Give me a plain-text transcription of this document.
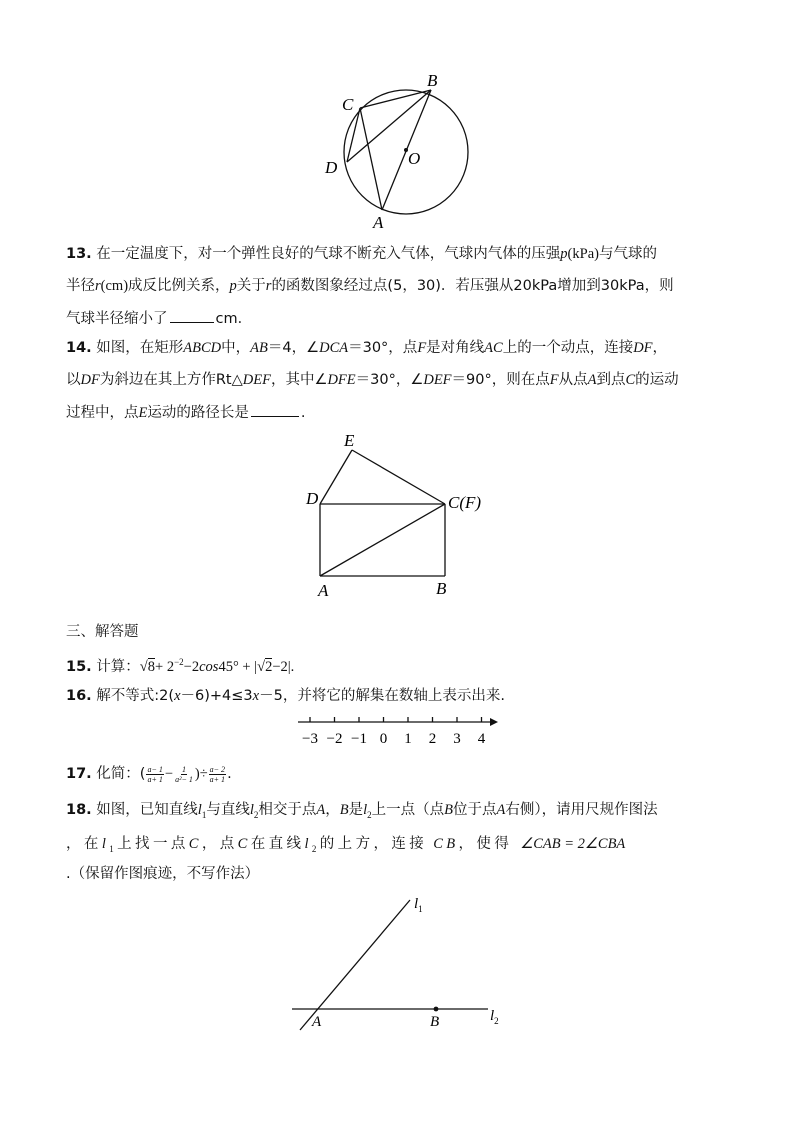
B
C
D	O
A
13. 在一定温度下，对一个弹性良好的气球不断充入气体，气球内气体的压强p(kPa)与气球的
半径r(cm)成反比例关系，p关于r的函数图象经过点(5，30)．若压强从20kPa增加到30kPa，则
气球半径缩小了	cm．
14. 如图，在矩形ABCD中，AB＝4，∠DCA＝30°，点F是对角线AC上的一个动点，连接DF，
以DF为斜边在其上方作Rt△DEF，其中∠DFE＝30°，∠DEF＝90°，则在点F从点A到点C的运动
过程中，点E运动的路径长是	.
E
D	C(F)
A	B
三、解答题
15. 计算：$√8+ 2^{-2}-2\cos 45^\circ + |√2-2|$.
16. 解不等式:2(x－6)+4≤3x－5，并将它的解集在数轴上表示出来.
−3 −2 −1 0 1 2 3 4
17. 化简：( $\frac{a- 1}{a+ 1} - \frac{1}{\text{a²− 1}}$ )÷ $\frac{a- 2}{a+ 1}$ .
18. 如图，已知直线$l_1$与直线$l_2$相交于点A，B是$l_2$上一点（点B位于点A右侧），请用尺规作图法
，在$l_1$上找一点C，点C在直线$l_2$的上方，连接 CB，使得 ∠CAB = 2∠CBA
.（保留作图痕迹，不写作法）
$l_1$
$l_2$
A	B
